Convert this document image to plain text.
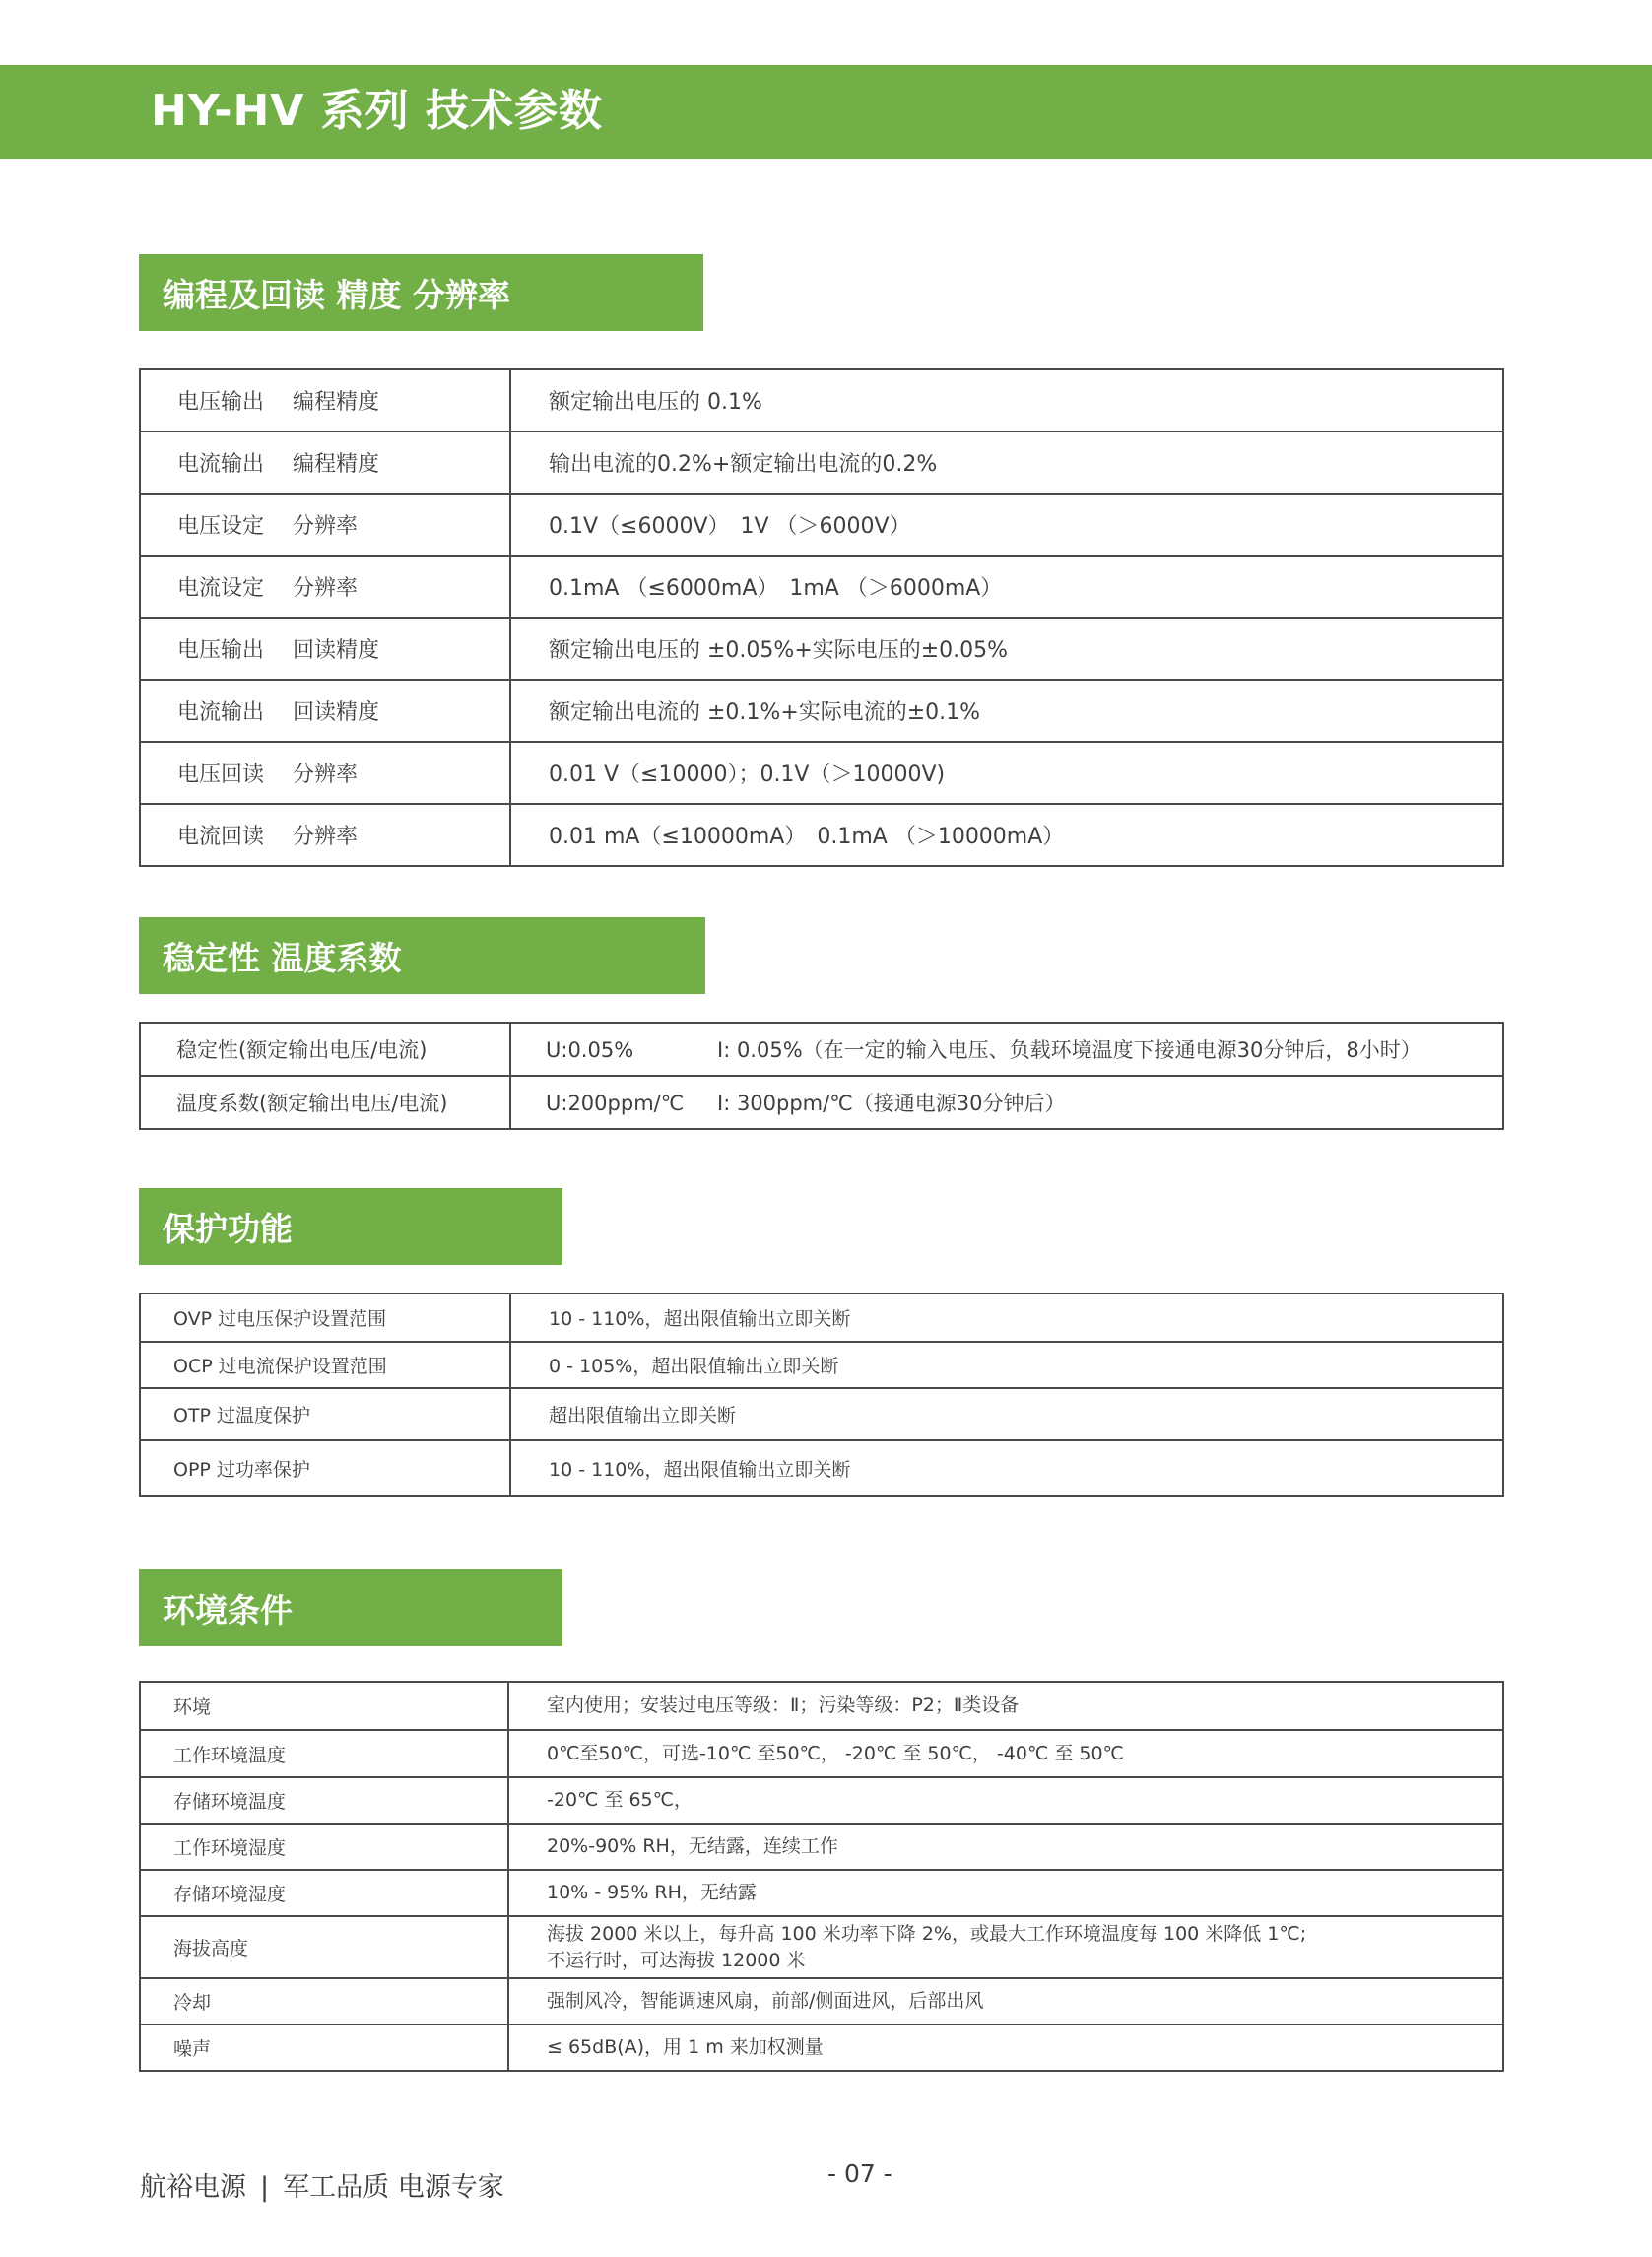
HY-HV 系列 技术参数
编程及回读 精度 分辨率
电压输出　 编程精度	额定输出电压的 0.1%
电流输出　 编程精度	输出电流的0.2%+额定输出电流的0.2%
电压设定　 分辨率	0.1V（≤6000V）　1V （＞6000V）
电流设定　 分辨率	0.1mA （≤6000mA）　1mA （＞6000mA）
电压输出　 回读精度	额定输出电压的 ±0.05%+实际电压的±0.05%
电流输出　 回读精度	额定输出电流的 ±0.1%+实际电流的±0.1%
电压回读　 分辨率	0.01 V（≤10000）；0.1V（＞10000V)
电流回读　 分辨率	0.01 mA（≤10000mA）　0.1mA （＞10000mA）
稳定性 温度系数
稳定性(额定输出电压/电流)	U:0.05% I: 0.05%（在一定的输入电压、负载环境温度下接通电源30分钟后，8小时）
温度系数(额定输出电压/电流)	U:200ppm/℃ I: 300ppm/℃（接通电源30分钟后）
保护功能
OVP 过电压保护设置范围	10 - 110%，超出限值输出立即关断
OCP 过电流保护设置范围	0 - 105%，超出限值输出立即关断
OTP 过温度保护	超出限值输出立即关断
OPP 过功率保护	10 - 110%，超出限值输出立即关断
环境条件
环境	室内使用；安装过电压等级：Ⅱ；污染等级：P2；Ⅱ类设备
工作环境温度	0℃至50℃，可选-10℃ 至50℃， -20℃ 至 50℃， -40℃ 至 50℃
存储环境温度	-20℃ 至 65℃，
工作环境湿度	20%-90% RH，无结露，连续工作
存储环境湿度	10% - 95% RH，无结露
海拔高度	海拔 2000 米以上，每升高 100 米功率下降 2%，或最大工作环境温度每 100 米降低 1℃;
不运行时，可达海拔 12000 米

冷却	强制风冷，智能调速风扇，前部/侧面进风，后部出风
噪声	≤ 65dB(A)，用 1 m 来加权测量
航裕电源 | 军工品质 电源专家	- 07 -
